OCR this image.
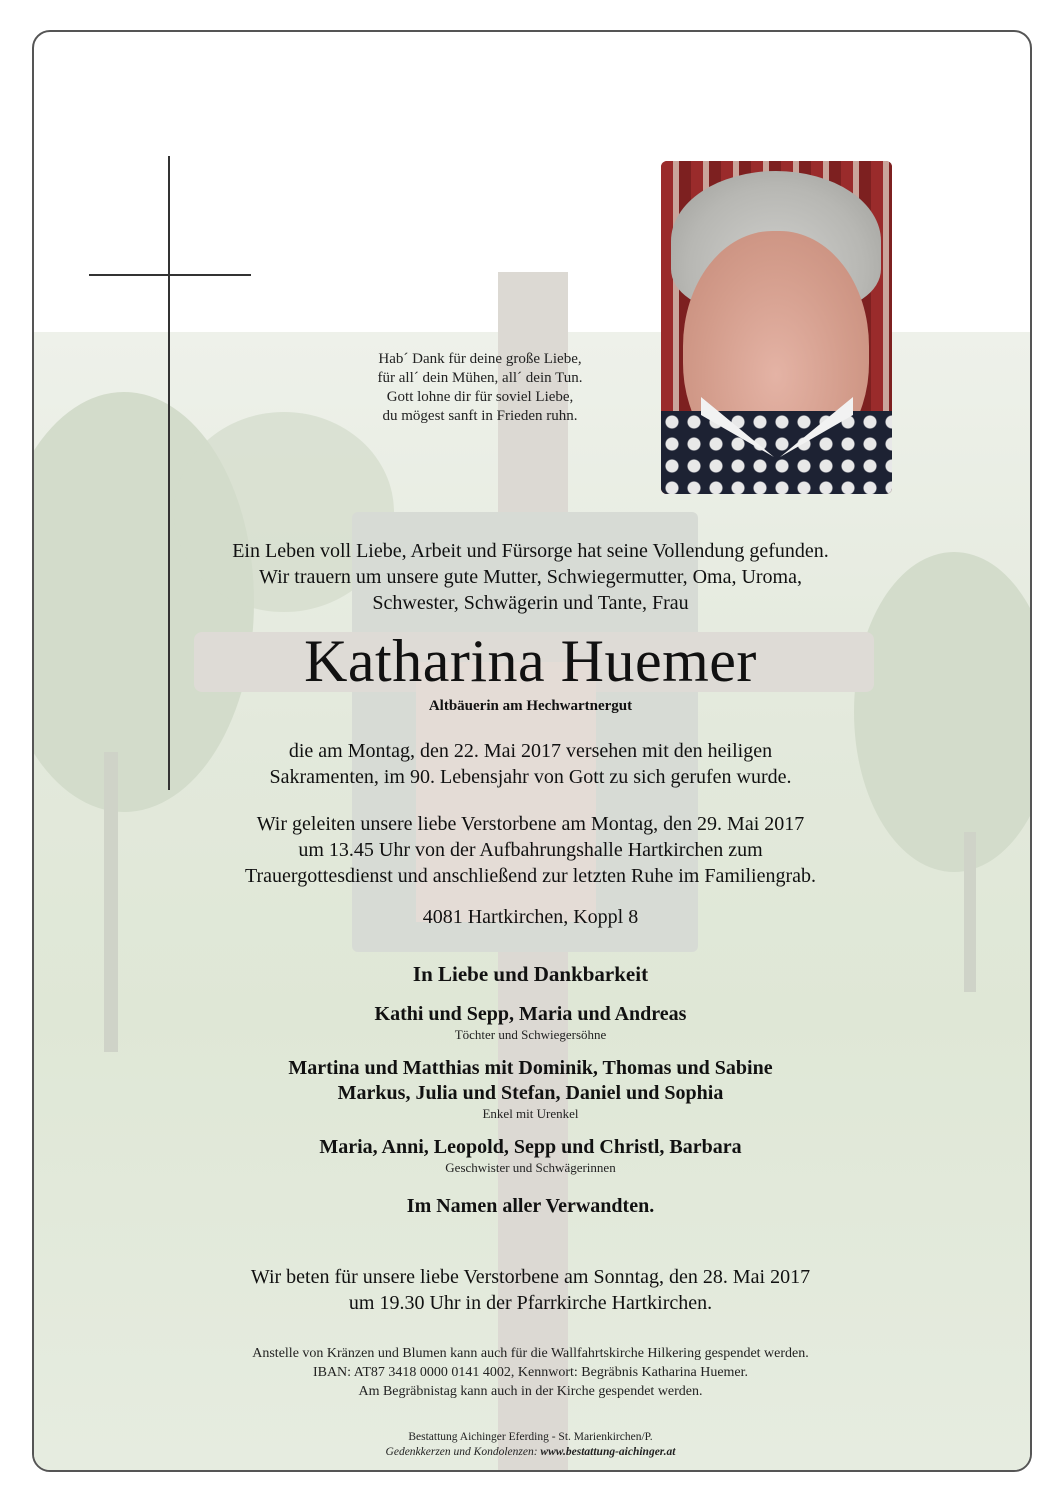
Hab´ Dank für deine große Liebe,
für all´ dein Mühen, all´ dein Tun.
Gott lohne dir für soviel Liebe,
du mögest sanft in Frieden ruhn.
Ein Leben voll Liebe, Arbeit und Fürsorge hat seine Vollendung gefunden.
Wir trauern um unsere gute Mutter, Schwiegermutter, Oma, Uroma,
Schwester, Schwägerin und Tante, Frau
Katharina Huemer
Altbäuerin am Hechwartnergut
die am Montag, den 22. Mai 2017 versehen mit den heiligen
Sakramenten, im 90. Lebensjahr von Gott zu sich gerufen wurde.
Wir geleiten unsere liebe Verstorbene am Montag, den 29. Mai 2017
um 13.45 Uhr von der Aufbahrungshalle Hartkirchen zum
Trauergottesdienst und anschließend zur letzten Ruhe im Familiengrab.
4081 Hartkirchen, Koppl 8
In Liebe und Dankbarkeit
Kathi und Sepp, Maria und Andreas
Töchter und Schwiegersöhne
Martina und Matthias mit Dominik, Thomas und Sabine
Markus, Julia und Stefan, Daniel und Sophia
Enkel mit Urenkel
Maria, Anni, Leopold, Sepp und Christl, Barbara
Geschwister und Schwägerinnen
Im Namen aller Verwandten.
Wir beten für unsere liebe Verstorbene am Sonntag, den 28. Mai 2017
um 19.30 Uhr in der Pfarrkirche Hartkirchen.
Anstelle von Kränzen und Blumen kann auch für die Wallfahrtskirche Hilkering gespendet werden.
IBAN: AT87 3418 0000 0141 4002, Kennwort: Begräbnis Katharina Huemer.
Am Begräbnistag kann auch in der Kirche gespendet werden.
Bestattung Aichinger Eferding - St. Marienkirchen/P.
Gedenkkerzen und Kondolenzen: www.bestattung-aichinger.at
